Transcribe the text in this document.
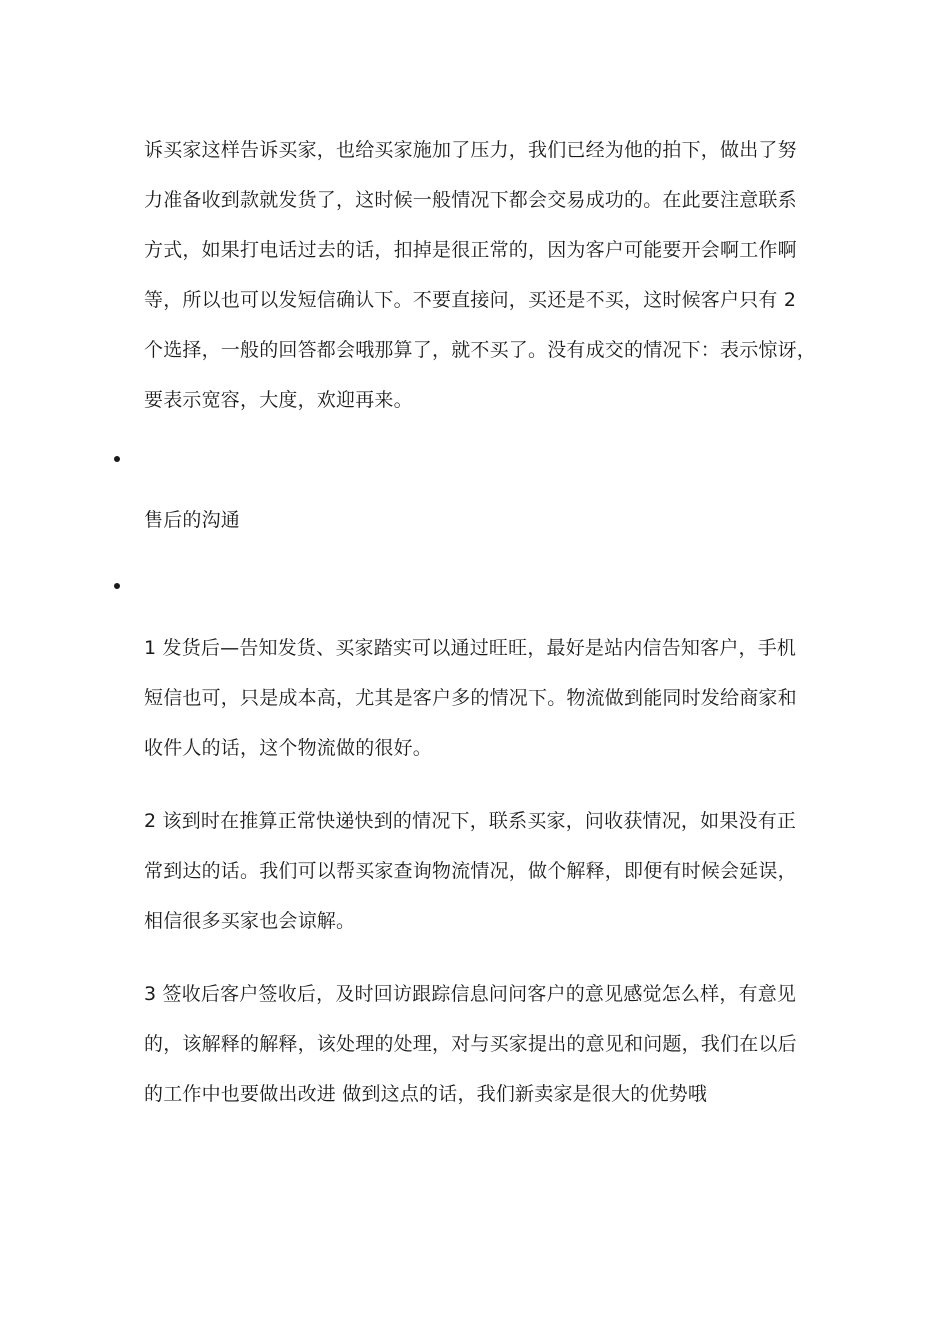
诉买家这样告诉买家，也给买家施加了压力，我们已经为他的拍下，做出了努
力准备收到款就发货了，这时候一般情况下都会交易成功的。在此要注意联系
方式，如果打电话过去的话，扣掉是很正常的，因为客户可能要开会啊工作啊
等，所以也可以发短信确认下。不要直接问，买还是不买，这时候客户只有 2
个选择，一般的回答都会哦那算了，就不买了。没有成交的情况下：表示惊讶，
要表示宽容，大度，欢迎再来。
售后的沟通
1 发货后—告知发货、买家踏实可以通过旺旺，最好是站内信告知客户，手机
短信也可，只是成本高，尤其是客户多的情况下。物流做到能同时发给商家和
收件人的话，这个物流做的很好。
2 该到时在推算正常快递快到的情况下，联系买家，问收获情况，如果没有正
常到达的话。我们可以帮买家查询物流情况，做个解释，即便有时候会延误，
相信很多买家也会谅解。
3 签收后客户签收后，及时回访跟踪信息问问客户的意见感觉怎么样，有意见
的，该解释的解释，该处理的处理，对与买家提出的意见和问题，我们在以后
的工作中也要做出改进 做到这点的话，我们新卖家是很大的优势哦
